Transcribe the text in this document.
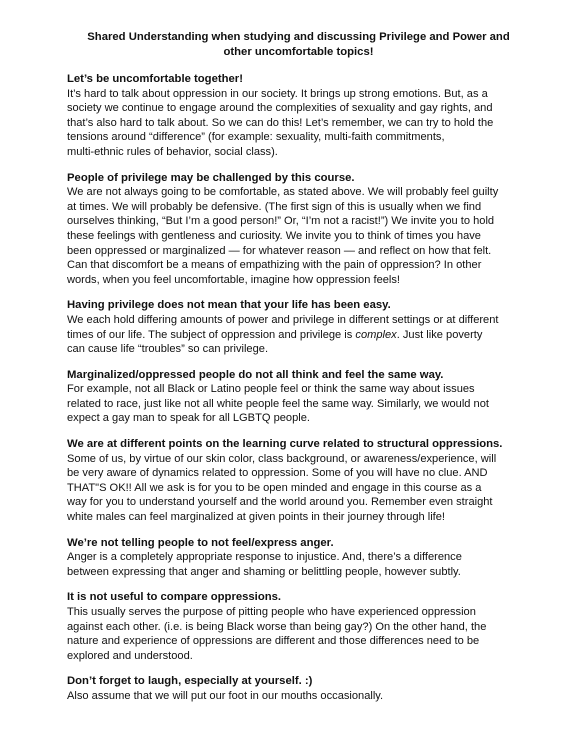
Shared Understanding when studying and discussing Privilege and Power and
other uncomfortable topics!

Let’s be uncomfortable together!

It’s hard to talk about oppression in our society. It brings up strong emotions. But, as a
society we continue to engage around the complexities of sexuality and gay rights, and
that’s also hard to talk about. So we can do this! Let’s remember, we can try to hold the
tensions around “difference” (for example: sexuality, multi-faith commitments,
multi-ethnic rules of behavior, social class).

People of privilege may be challenged by this course.

We are not always going to be comfortable, as stated above. We will probably feel guilty
at times. We will probably be defensive. (The first sign of this is usually when we find
ourselves thinking, “But I’m a good person!” Or, “I’m not a racist!”) We invite you to hold
these feelings with gentleness and curiosity. We invite you to think of times you have
been oppressed or marginalized — for whatever reason — and reflect on how that felt.
Can that discomfort be a means of empathizing with the pain of oppression? In other
words, when you feel uncomfortable, imagine how oppression feels!

Having privilege does not mean that your life has been easy.

We each hold differing amounts of power and privilege in different settings or at different
times of our life. The subject of oppression and privilege is complex. Just like poverty
can cause life “troubles” so can privilege.

Marginalized/oppressed people do not all think and feel the same way.

For example, not all Black or Latino people feel or think the same way about issues
related to race, just like not all white people feel the same way. Similarly, we would not
expect a gay man to speak for all LGBTQ people.

We are at different points on the learning curve related to structural oppressions.

Some of us, by virtue of our skin color, class background, or awareness/experience, will
be very aware of dynamics related to oppression. Some of you will have no clue. AND
THAT"S OK!! All we ask is for you to be open minded and engage in this course as a
way for you to understand yourself and the world around you. Remember even straight
white males can feel marginalized at given points in their journey through life!

We’re not telling people to not feel/express anger.

Anger is a completely appropriate response to injustice. And, there’s a difference
between expressing that anger and shaming or belittling people, however subtly.

It is not useful to compare oppressions.

This usually serves the purpose of pitting people who have experienced oppression
against each other. (i.e. is being Black worse than being gay?) On the other hand, the
nature and experience of oppressions are different and those differences need to be
explored and understood.

Don’t forget to laugh, especially at yourself. :)

Also assume that we will put our foot in our mouths occasionally.
